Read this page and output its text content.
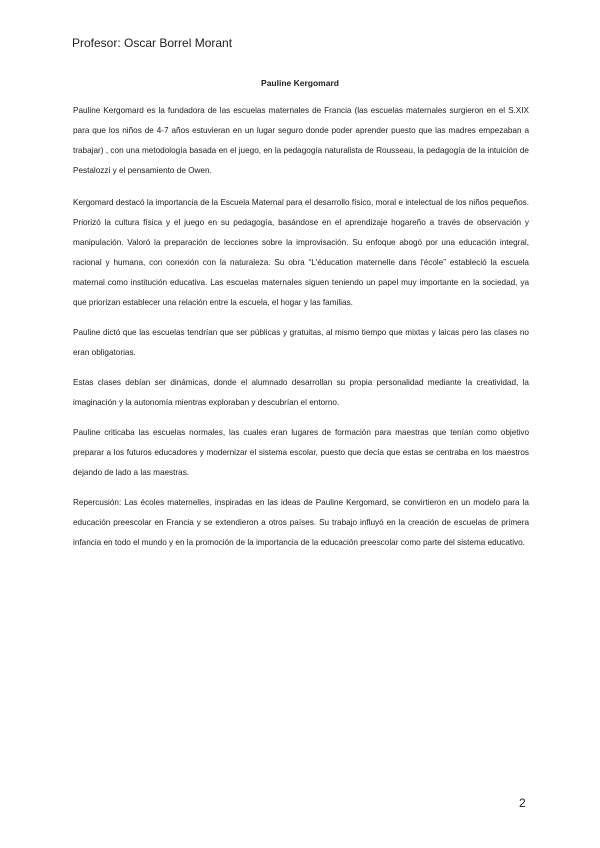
Profesor: Oscar Borrel Morant
Pauline Kergomard

Pauline Kergomard es la fundadora de las escuelas maternales de Francia (las escuelas maternales surgieron en el S.XIX para que los niños de 4-7 años estuvieran en un lugar seguro donde poder aprender puesto que las madres empezaban a trabajar) , con una metodología basada en el juego, en la pedagogía naturalista de Rousseau, la pedagogía de la intuición de Pestalozzi y el pensamiento de Owen.

Kergomard destacó la importancia de la Escuela Maternal para el desarrollo físico, moral e intelectual de los niños pequeños. Priorizó la cultura física y el juego en su pedagogía, basándose en el aprendizaje hogareño a través de observación y manipulación. Valoró la preparación de lecciones sobre la improvisación. Su enfoque abogó por una educación integral, racional y humana, con conexión con la naturaleza. Su obra “L'éducation maternelle dans l'école” estableció la escuela maternal como institución educativa. Las escuelas maternales siguen teniendo un papel muy importante en la sociedad, ya que priorizan establecer una relación entre la escuela, el hogar y las familias.

Pauline dictó que las escuelas tendrían que ser públicas y gratuitas, al mismo tiempo que mixtas y laicas pero las clases no eran obligatorias.

Estas clases debían ser dinámicas, donde el alumnado desarrollan su propia personalidad mediante la creatividad, la imaginación y la autonomía mientras exploraban y descubrían el entorno.

Pauline criticaba las escuelas normales, las cuales eran lugares de formación para maestras que tenían como objetivo preparar a los futuros educadores y modernizar el sistema escolar, puesto que decía que estas se centraba en los maestros dejando de lado a las maestras.

Repercusión: Las écoles maternelles, inspiradas en las ideas de Pauline Kergomard, se convirtieron en un modelo para la educación preescolar en Francia y se extendieron a otros países. Su trabajo influyó en la creación de escuelas de primera infancia en todo el mundo y en la promoción de la importancia de la educación preescolar como parte del sistema educativo.

2
